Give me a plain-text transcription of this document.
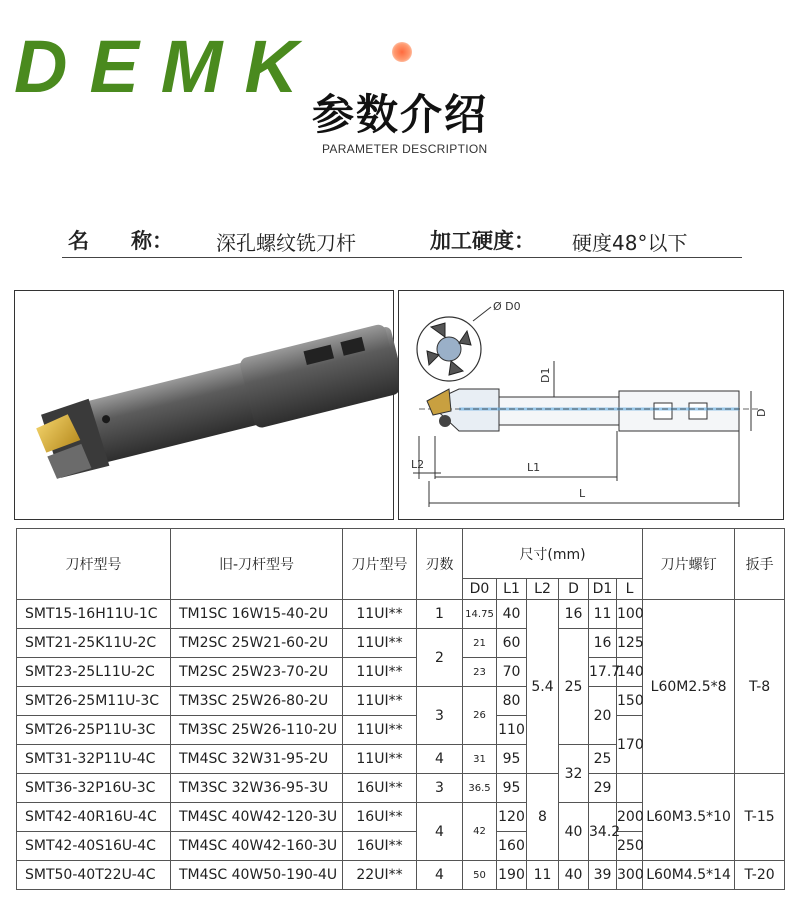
DEMK
参数介绍
PARAMETER DESCRIPTION
名　　称： 深孔螺纹铣刀杆	加工硬度： 硬度48°以下
Ø D0
D1
D
L2	L1
L
刀杆型号	旧-刀杆型号	刀片型号	刃数	尺寸(mm)						刀片螺钉	扳手
				D0	L1	L2	D	D1	L		
SMT15-16H11U-1C	TM1SC 16W15-40-2U	11UI**	1	14.75	40	5.4	16	11	100	L60M2.5*8	T-8
SMT21-25K11U-2C	TM2SC 25W21-60-2U	11UI**	2	21	60		25	16	125		
SMT23-25L11U-2C	TM2SC 25W23-70-2U	11UI**		23	70			17.7	140		
SMT26-25M11U-3C	TM3SC 25W26-80-2U	11UI**	3	26	80			20	150		
SMT26-25P11U-3C	TM3SC 25W26-110-2U	11UI**			110				170		
SMT31-32P11U-4C	TM4SC 32W31-95-2U	11UI**	4	31	95		32	25			
SMT36-32P16U-3C	TM3SC 32W36-95-3U	16UI**	3	36.5	95	8		29		L60M3.5*10	T-15
SMT42-40R16U-4C	TM4SC 40W42-120-3U	16UI**	4	42	120		40	34.2	200		
SMT42-40S16U-4C	TM4SC 40W42-160-3U	16UI**			160				250		
SMT50-40T22U-4C	TM4SC 40W50-190-4U	22UI**	4	50	190	11	40	39	300	L60M4.5*14	T-20
